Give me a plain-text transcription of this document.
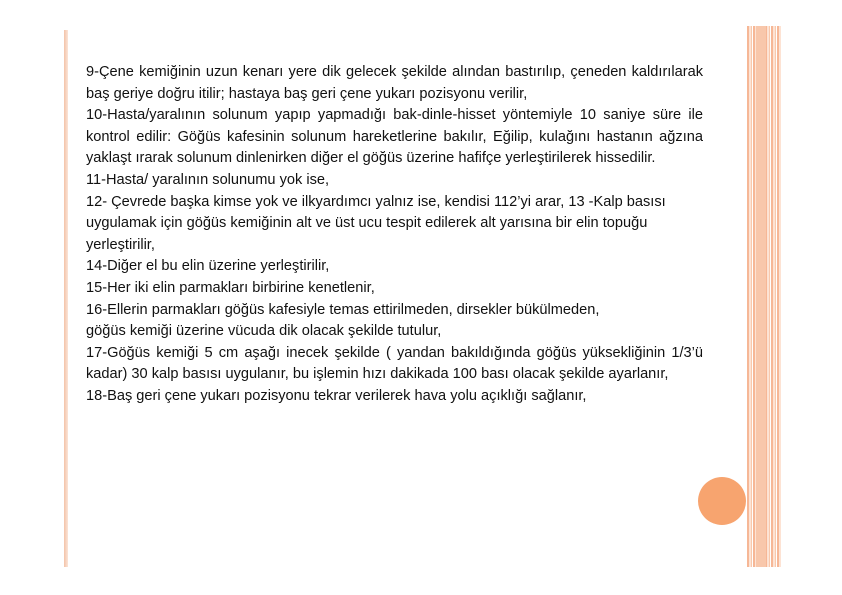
9-Çene kemiğinin uzun kenarı yere dik gelecek şekilde alından bastırılıp, çeneden kaldırılarak baş geriye doğru itilir; hastaya baş geri çene yukarı pozisyonu verilir,

10-Hasta/yaralının solunum yapıp yapmadığı bak-dinle-hisset yöntemiyle 10 saniye süre ile kontrol edilir: Göğüs kafesinin solunum hareketlerine bakılır, Eğilip, kulağını hastanın ağzına yaklaşt ırarak solunum dinlenirken diğer el göğüs üzerine hafifçe yerleştirilerek hissedilir.

11-Hasta/ yaralının solunumu yok ise,

12- Çevrede başka kimse yok ve ilkyardımcı yalnız ise, kendisi 112’yi arar, 13 -Kalp basısı uygulamak için göğüs kemiğinin alt ve üst ucu tespit edilerek alt yarısına bir elin topuğu yerleştirilir,

14-Diğer el bu elin üzerine yerleştirilir,

15-Her iki elin parmakları birbirine kenetlenir,

16-Ellerin parmakları göğüs kafesiyle temas ettirilmeden, dirsekler bükülmeden,

göğüs kemiği üzerine vücuda dik olacak şekilde tutulur,

17-Göğüs kemiği 5 cm aşağı inecek şekilde ( yandan bakıldığında göğüs yüksekliğinin 1/3’ü kadar) 30 kalp basısı uygulanır, bu işlemin hızı dakikada 100 bası olacak şekilde ayarlanır,

18-Baş geri çene yukarı pozisyonu tekrar verilerek hava yolu açıklığı sağlanır,
